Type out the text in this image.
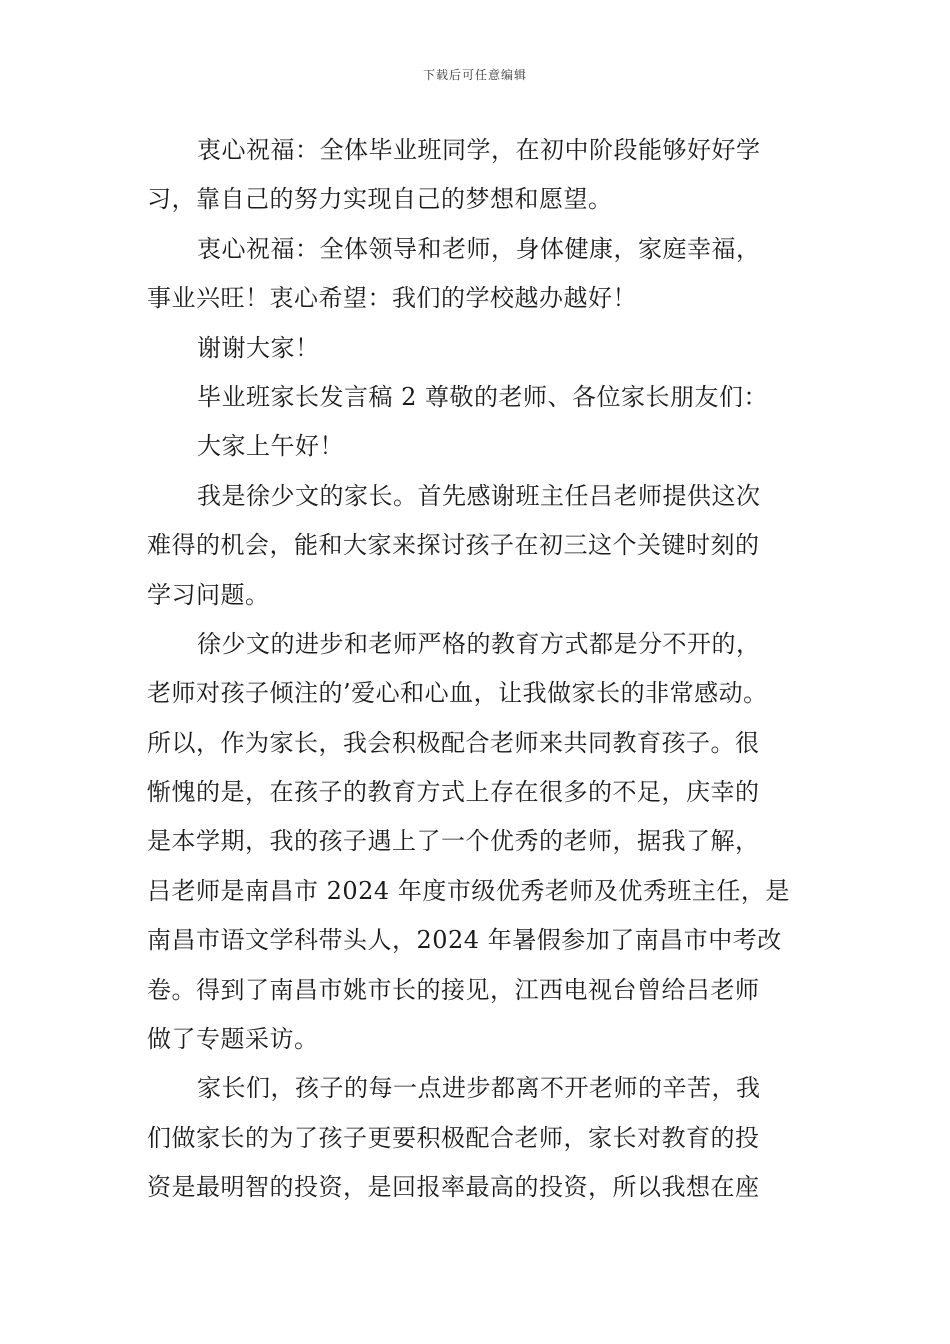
下载后可任意编辑
衷心祝福：全体毕业班同学，在初中阶段能够好好学
习，靠自己的努力实现自己的梦想和愿望。
衷心祝福：全体领导和老师，身体健康，家庭幸福，
事业兴旺！衷心希望：我们的学校越办越好！
谢谢大家！
毕业班家长发言稿 2 尊敬的老师、各位家长朋友们：
大家上午好！
我是徐少文的家长。首先感谢班主任吕老师提供这次
难得的机会，能和大家来探讨孩子在初三这个关键时刻的
学习问题。
徐少文的进步和老师严格的教育方式都是分不开的，
老师对孩子倾注的’爱心和心血，让我做家长的非常感动。
所以，作为家长，我会积极配合老师来共同教育孩子。很
惭愧的是，在孩子的教育方式上存在很多的不足，庆幸的
是本学期，我的孩子遇上了一个优秀的老师，据我了解，
吕老师是南昌市 2024 年度市级优秀老师及优秀班主任，是
南昌市语文学科带头人，2024 年暑假参加了南昌市中考改
卷。得到了南昌市姚市长的接见，江西电视台曾给吕老师
做了专题采访。
家长们，孩子的每一点进步都离不开老师的辛苦，我
们做家长的为了孩子更要积极配合老师，家长对教育的投
资是最明智的投资，是回报率最高的投资，所以我想在座
